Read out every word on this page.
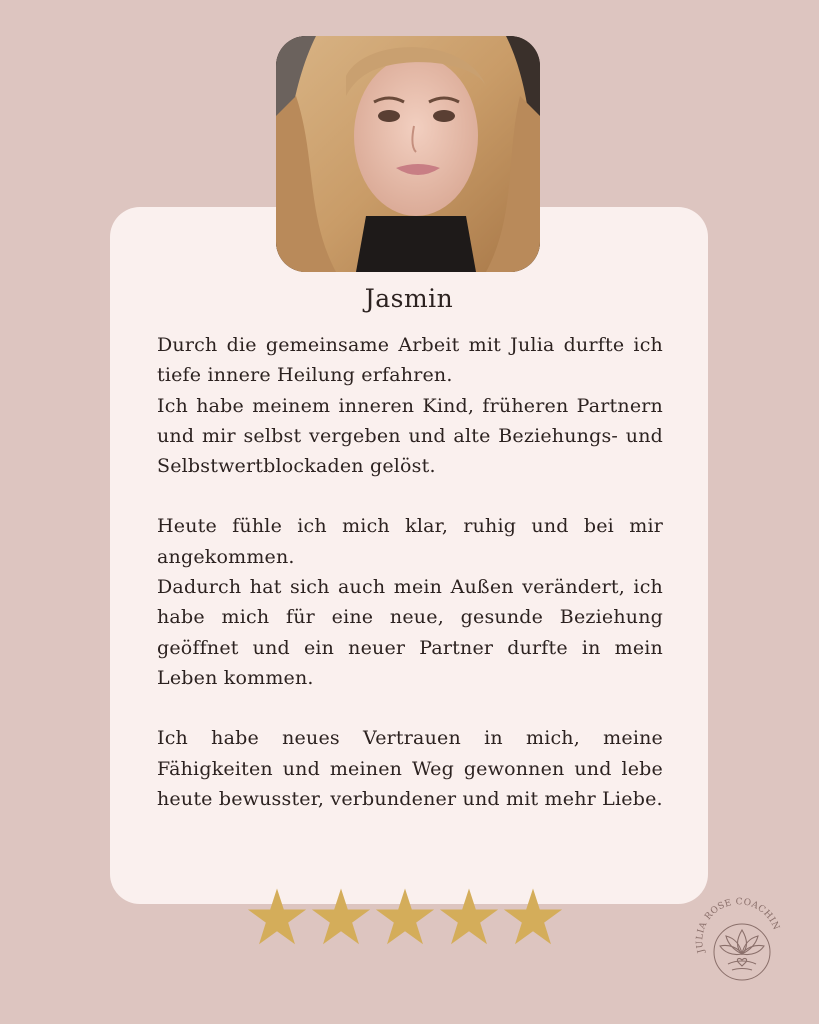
Jasmin

Durch die gemeinsame Arbeit mit Julia durfte ich tiefe innere Heilung erfahren.

Ich habe meinem inneren Kind, früheren Partnern und mir selbst vergeben und alte Beziehungs- und Selbstwertblockaden gelöst.

Heute fühle ich mich klar, ruhig und bei mir angekommen.

Dadurch hat sich auch mein Außen verändert, ich habe mich für eine neue, gesunde Beziehung geöffnet und ein neuer Partner durfte in mein Leben kommen.

Ich habe neues Vertrauen in mich, meine Fähigkeiten und meinen Weg gewonnen und lebe heute bewusster, verbundener und mit mehr Liebe.

JULIA ROSE COACHIN
